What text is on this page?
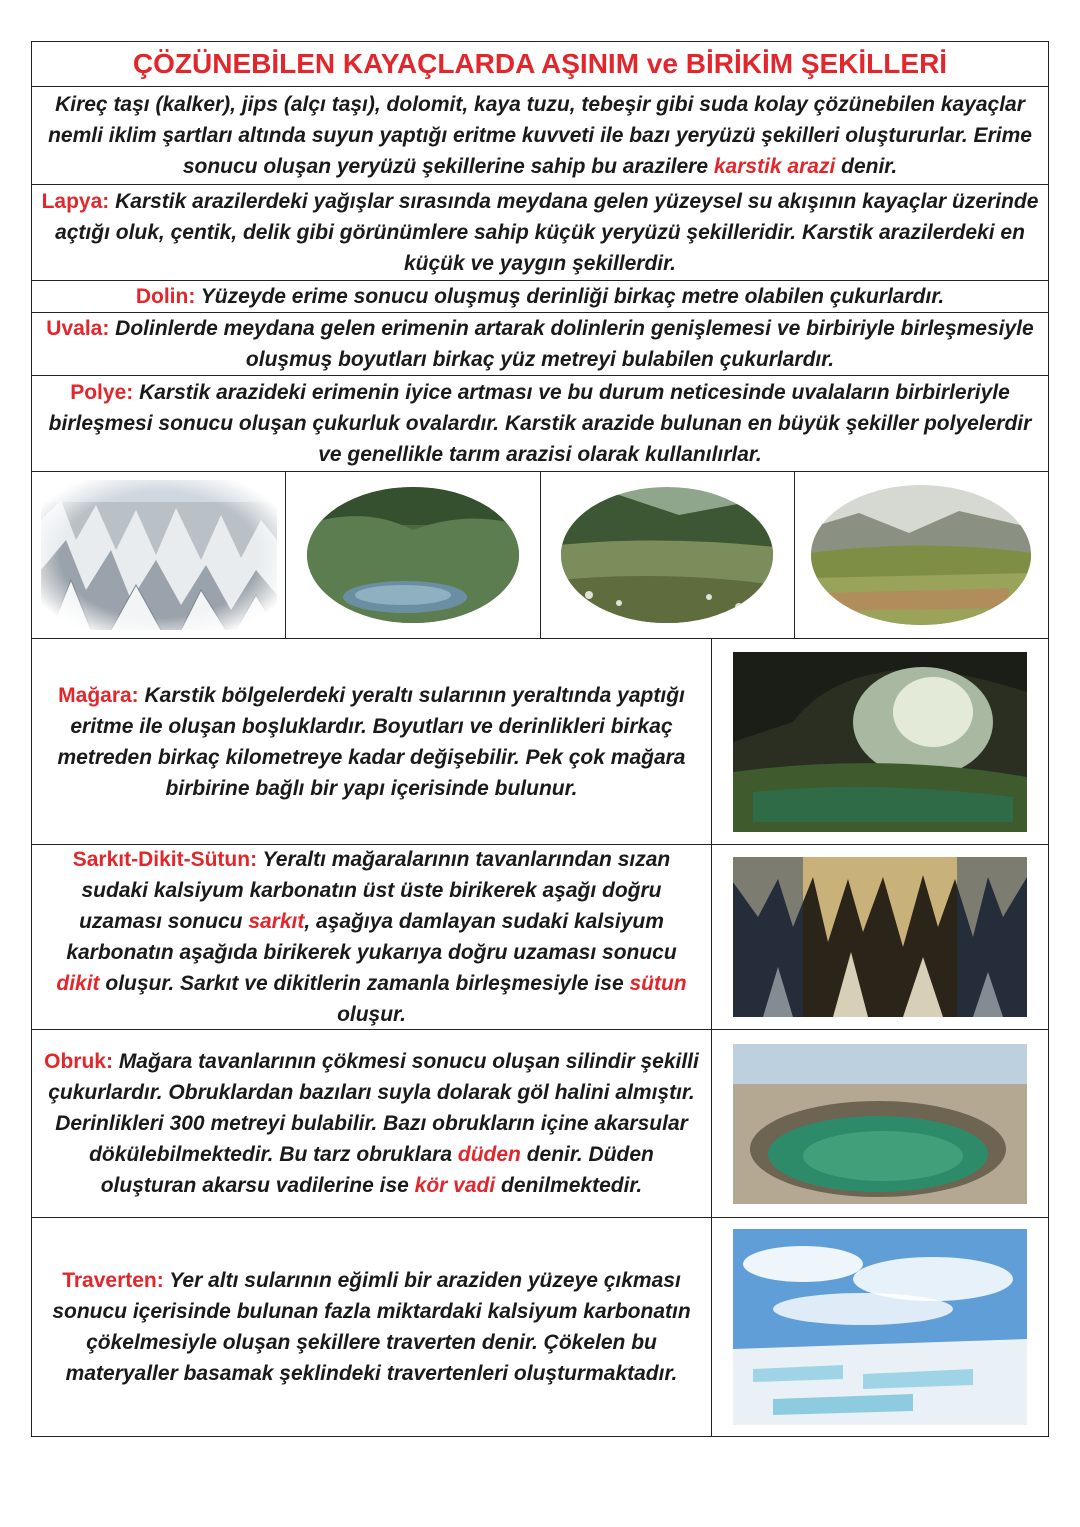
ÇÖZÜNEBİLEN KAYAÇLARDA AŞINIM ve BİRİKİM ŞEKİLLERİ
Kireç taşı (kalker), jips (alçı taşı), dolomit, kaya tuzu, tebeşir gibi suda kolay çözünebilen kayaçlar nemli iklim şartları altında suyun yaptığı eritme kuvveti ile bazı yeryüzü şekilleri oluştururlar. Erime sonucu oluşan yeryüzü şekillerine sahip bu arazilere karstik arazi denir.
Lapya: Karstik arazilerdeki yağışlar sırasında meydana gelen yüzeysel su akışının kayaçlar üzerinde açtığı oluk, çentik, delik gibi görünümlere sahip küçük yeryüzü şekilleridir. Karstik arazilerdeki en küçük ve yaygın şekillerdir.
Dolin: Yüzeyde erime sonucu oluşmuş derinliği birkaç metre olabilen çukurlardır.
Uvala: Dolinlerde meydana gelen erimenin artarak dolinlerin genişlemesi ve birbiriyle birleşmesiyle oluşmuş boyutları birkaç yüz metreyi bulabilen çukurlardır.
Polye: Karstik arazideki erimenin iyice artması ve bu durum neticesinde uvalaların birbirleriyle birleşmesi sonucu oluşan çukurluk ovalardır. Karstik arazide bulunan en büyük şekiller polyelerdir ve genellikle tarım arazisi olarak kullanılırlar.

Mağara: Karstik bölgelerdeki yeraltı sularının yeraltında yaptığı eritme ile oluşan boşluklardır. Boyutları ve derinlikleri birkaç metreden birkaç kilometreye kadar değişebilir. Pek çok mağara birbirine bağlı bir yapı içerisinde bulunur.

Sarkıt-Dikit-Sütun: Yeraltı mağaralarının tavanlarından sızan sudaki kalsiyum karbonatın üst üste birikerek aşağı doğru uzaması sonucu sarkıt, aşağıya damlayan sudaki kalsiyum karbonatın aşağıda birikerek yukarıya doğru uzaması sonucu dikit oluşur. Sarkıt ve dikitlerin zamanla birleşmesiyle ise sütun oluşur.

Obruk: Mağara tavanlarının çökmesi sonucu oluşan silindir şekilli çukurlardır. Obruklardan bazıları suyla dolarak göl halini almıştır. Derinlikleri 300 metreyi bulabilir. Bazı obrukların içine akarsular dökülebilmektedir. Bu tarz obruklara düden denir. Düden oluşturan akarsu vadilerine ise kör vadi denilmektedir.

Traverten: Yer altı sularının eğimli bir araziden yüzeye çıkması sonucu içerisinde bulunan fazla miktardaki kalsiyum karbonatın çökelmesiyle oluşan şekillere traverten denir. Çökelen bu materyaller basamak şeklindeki travertenleri oluşturmaktadır.
